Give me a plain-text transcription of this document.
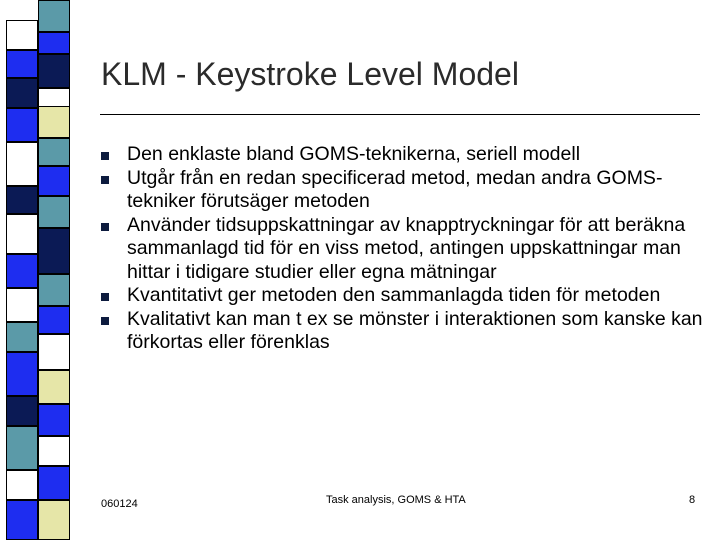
KLM - Keystroke Level Model
Den enklaste bland GOMS-teknikerna, seriell modell
Utgår från en redan specificerad metod, medan andra GOMS-tekniker förutsäger metoden
Använder tidsuppskattningar av knapptryckningar för att beräkna sammanlagd tid för en viss metod, antingen uppskattningar man hittar i tidigare studier eller egna mätningar
Kvantitativt ger metoden den sammanlagda tiden för metoden
Kvalitativt kan man t ex se mönster i interaktionen som kanske kan förkortas eller förenklas
060124	Task analysis, GOMS & HTA	8
